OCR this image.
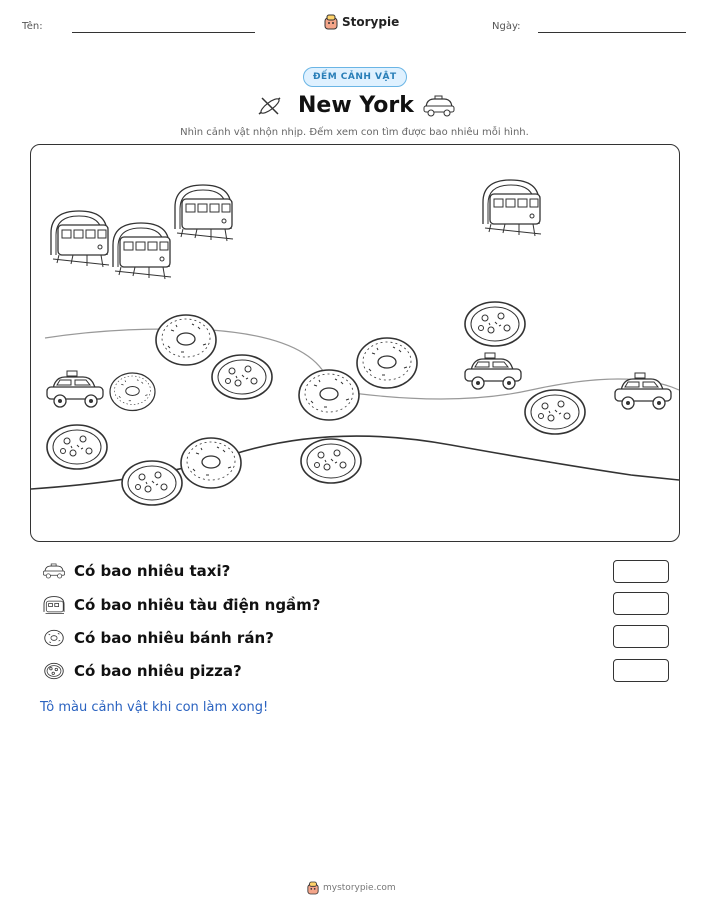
Tên:	Storypie	Ngày:
ĐẾM CẢNH VẬT
New York
Nhìn cảnh vật nhộn nhịp. Đếm xem con tìm được bao nhiêu mỗi hình.
Có bao nhiêu taxi?
Có bao nhiêu tàu điện ngầm?
Có bao nhiêu bánh rán?
Có bao nhiêu pizza?
Tô màu cảnh vật khi con làm xong!
mystorypie.com
